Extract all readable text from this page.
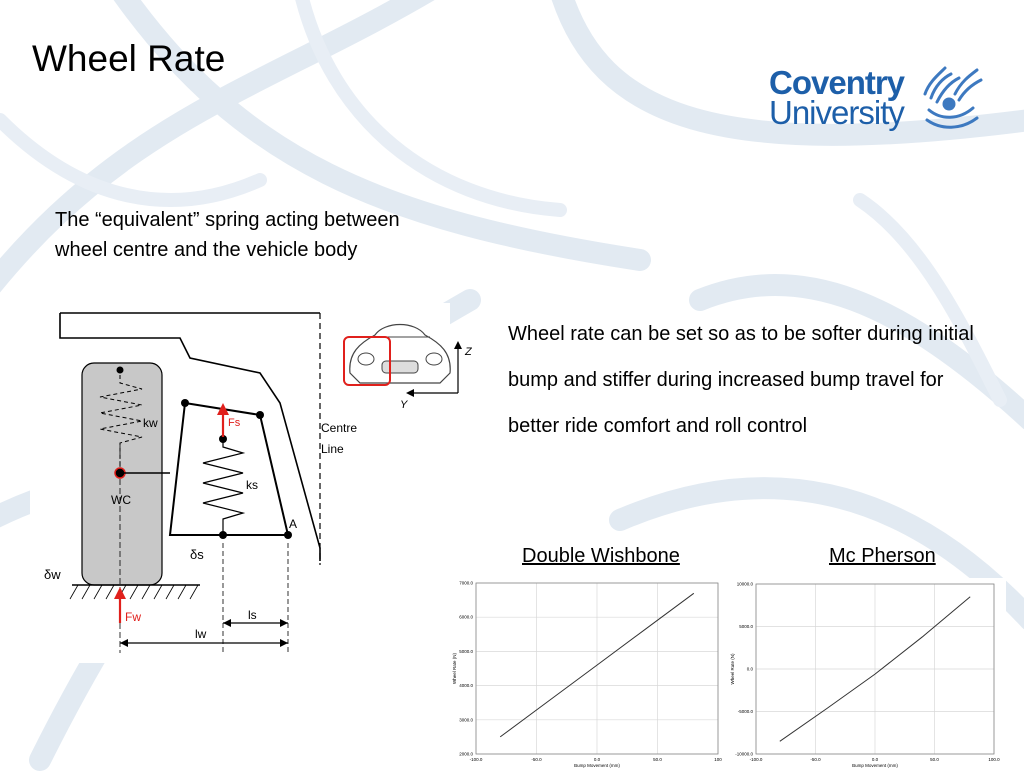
Wheel Rate
Coventry
University
The “equivalent” spring acting between wheel centre and the vehicle body
Wheel rate can be set so as to be softer during initial bump and stiffer during increased bump travel for better ride comfort and roll control
kw
WC
δw
Fw
A
Fs
ks
δs
Centre
Line
ls
lw
Z
Y
Double Wishbone	Mc Pherson
-100.0	-50.0	0.0	50.0	100
2000.0
3000.0
4000.0
5000.0
6000.0
7000.0
Bump Movement (mm)
Wheel Rate (N)
-100.0	-50.0	0.0	50.0	100.0
-10000.0
-5000.0
0.0
5000.0
10000.0
Bump Movement (mm)
Wheel Rate (N)
